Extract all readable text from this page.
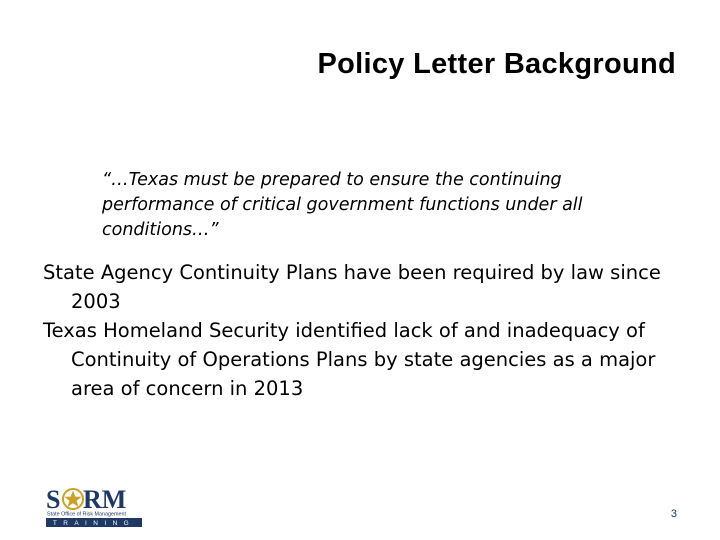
Policy Letter Background
“…Texas must be prepared to ensure the continuing performance of critical government functions under all conditions…”
State Agency Continuity Plans have been required by law since 2003
Texas Homeland Security identified lack of and inadequacy of Continuity of Operations Plans by state agencies as a major area of concern in 2013
S RM
State Office of Risk Management
TRAINING
3
